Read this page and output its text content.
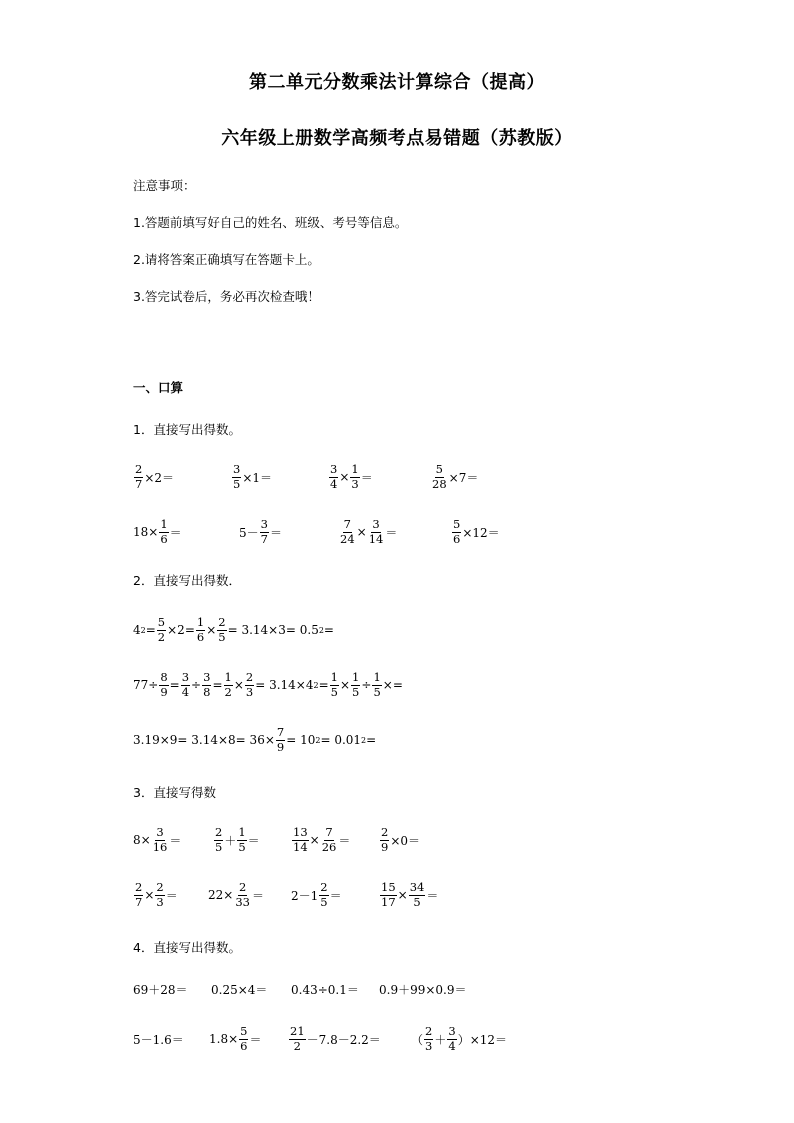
第二单元分数乘法计算综合（提高）
六年级上册数学高频考点易错题（苏教版）
注意事项：
1.答题前填写好自己的姓名、班级、考号等信息。
2.请将答案正确填写在答题卡上。
3.答完试卷后，务必再次检查哦！
一、口算
1．直接写出得数。
$\frac{2}{7} \times 2=$	$\frac{3}{5} \times 1=$	$\frac{3}{4} \times \frac{1}{3}$ ＝	$\frac{5}{28} \times 7=$
$18\times \frac{1}{6}$ ＝	$5- \frac{3}{7}$ ＝	$\frac{7}{24} \times \frac{3}{14}$ ＝	$\frac{5}{6} \times 12=$
2．直接写出得数．
4 $2 = \frac{5}{2} \times 2= \frac{1}{6} \times \frac{2}{5} = 3.14\times 3= 0.5$ 2 =
$77\div \frac{8}{9} = \frac{3}{4} \div \frac{3}{8} = \frac{1}{2} \times \frac{2}{3} = 3.14\times 4$ $2 = \frac{1}{5} \times \frac{1}{5} \div \frac{1}{5}$ ×=
$3.19\times 9= 3.14\times 8= 36\times \frac{7}{9} = 10$ 2 = 0.01 2 =
3．直接写得数
$8\times \frac{3}{16}$ ＝	$\frac{2}{5} + \frac{1}{5}$ ＝	$\frac{13}{14} \times \frac{7}{26}$ ＝	$\frac{2}{9} \times 0=$
$\frac{2}{7} \times \frac{2}{3}$ ＝	$22\times \frac{2}{33} = 2-1 \frac{2}{5}$ ＝	$\frac{15}{17} \times \frac{34}{5}$ ＝
4．直接写出得数。
69＋28＝ 0.25×4＝ 0.43÷0.1＝ 0.9＋99×0.9＝
$5-1.6= 1.8\times \frac{5}{6} = \frac{21}{2} -7.8-2.2=$	（ $\frac{2}{3} + \frac{3}{4} )\times 12=$
